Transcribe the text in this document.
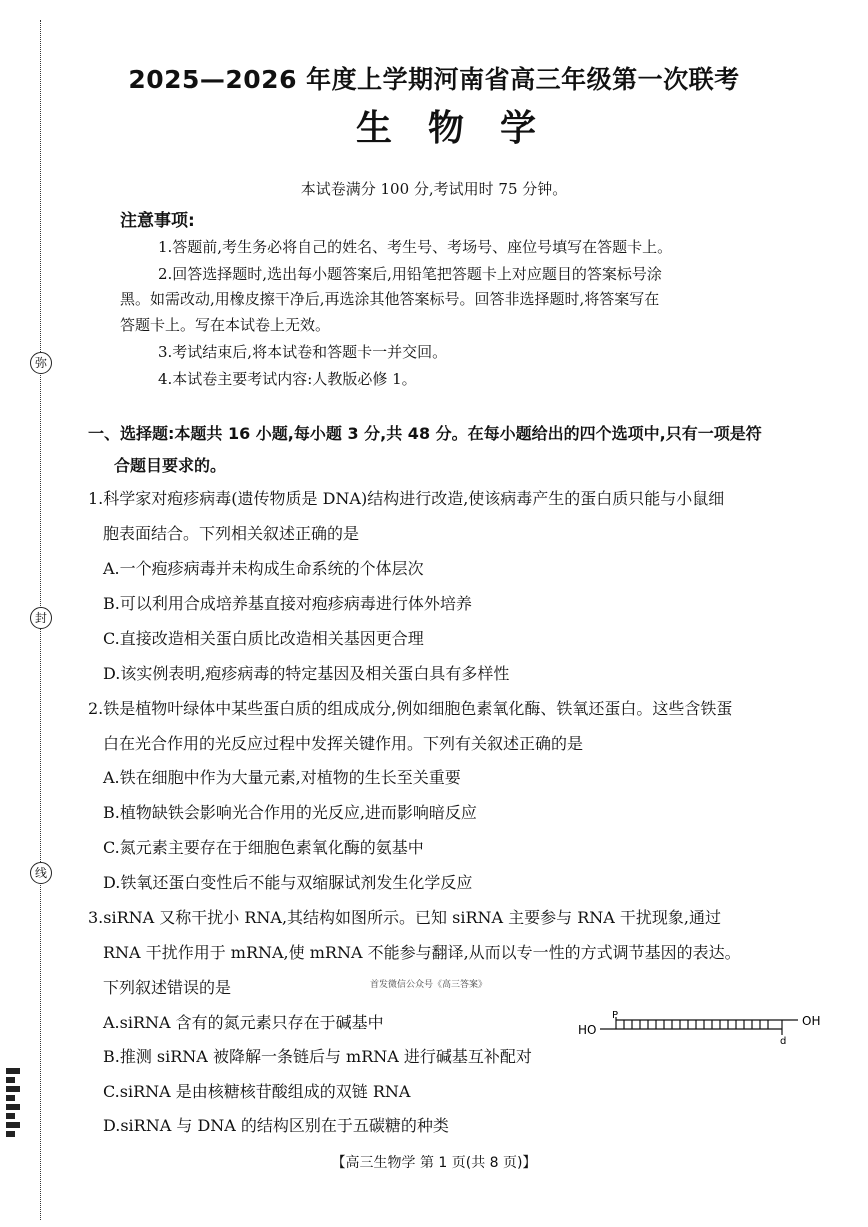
弥
封
线
2025—2026 年度上学期河南省高三年级第一次联考
生物学
本试卷满分 100 分,考试用时 75 分钟。
注意事项:
1.答题前,考生务必将自己的姓名、考生号、考场号、座位号填写在答题卡上。
2.回答选择题时,选出每小题答案后,用铅笔把答题卡上对应题目的答案标号涂
黑。如需改动,用橡皮擦干净后,再选涂其他答案标号。回答非选择题时,将答案写在
答题卡上。写在本试卷上无效。
3.考试结束后,将本试卷和答题卡一并交回。
4.本试卷主要考试内容:人教版必修 1。
一、选择题:本题共 16 小题,每小题 3 分,共 48 分。在每小题给出的四个选项中,只有一项是符
合题目要求的。
1.科学家对疱疹病毒(遗传物质是 DNA)结构进行改造,使该病毒产生的蛋白质只能与小鼠细
胞表面结合。下列相关叙述正确的是
A.一个疱疹病毒并未构成生命系统的个体层次
B.可以利用合成培养基直接对疱疹病毒进行体外培养
C.直接改造相关蛋白质比改造相关基因更合理
D.该实例表明,疱疹病毒的特定基因及相关蛋白具有多样性
2.铁是植物叶绿体中某些蛋白质的组成成分,例如细胞色素氧化酶、铁氧还蛋白。这些含铁蛋
白在光合作用的光反应过程中发挥关键作用。下列有关叙述正确的是
A.铁在细胞中作为大量元素,对植物的生长至关重要
B.植物缺铁会影响光合作用的光反应,进而影响暗反应
C.氮元素主要存在于细胞色素氧化酶的氨基中
D.铁氧还蛋白变性后不能与双缩脲试剂发生化学反应
3.siRNA 又称干扰小 RNA,其结构如图所示。已知 siRNA 主要参与 RNA 干扰现象,通过
RNA 干扰作用于 mRNA,使 mRNA 不能参与翻译,从而以专一性的方式调节基因的表达。
下列叙述错误的是	首发微信公众号《高三答案》
A.siRNA 含有的氮元素只存在于碱基中
B.推测 siRNA 被降解一条链后与 mRNA 进行碱基互补配对
C.siRNA 是由核糖核苷酸组成的双链 RNA
D.siRNA 与 DNA 的结构区别在于五碳糖的种类
HO
P	OH
d
【高三生物学 第 1 页(共 8 页)】
